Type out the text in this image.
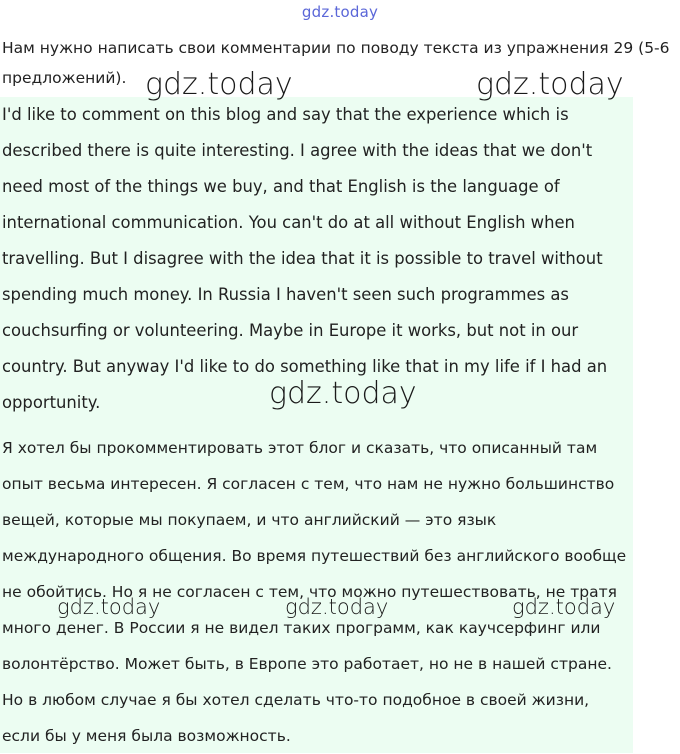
gdz.today
Нам нужно написать свои комментарии по поводу текста из упражнения 29 (5-6 предложений).
I'd like to comment on this blog and say that the experience which is described there is quite interesting. I agree with the ideas that we don't need most of the things we buy, and that English is the language of international communication. You can't do at all without English when travelling. But I disagree with the idea that it is possible to travel without spending much money. In Russia I haven't seen such programmes as couchsurfing or volunteering. Maybe in Europe it works, but not in our country. But anyway I'd like to do something like that in my life if I had an opportunity.
Я хотел бы прокомментировать этот блог и сказать, что описанный там опыт весьма интересен. Я согласен с тем, что нам не нужно большинство вещей, которые мы покупаем, и что английский — это язык международного общения. Во время путешествий без английского вообще не обойтись. Но я не согласен с тем, что можно путешествовать, не тратя много денег. В России я не видел таких программ, как каучсерфинг или волонтёрство. Может быть, в Европе это работает, но не в нашей стране. Но в любом случае я бы хотел сделать что-то подобное в своей жизни, если бы у меня была возможность.
gdz.today	gdz.today
gdz.today
gdz.today	gdz.today	gdz.today
